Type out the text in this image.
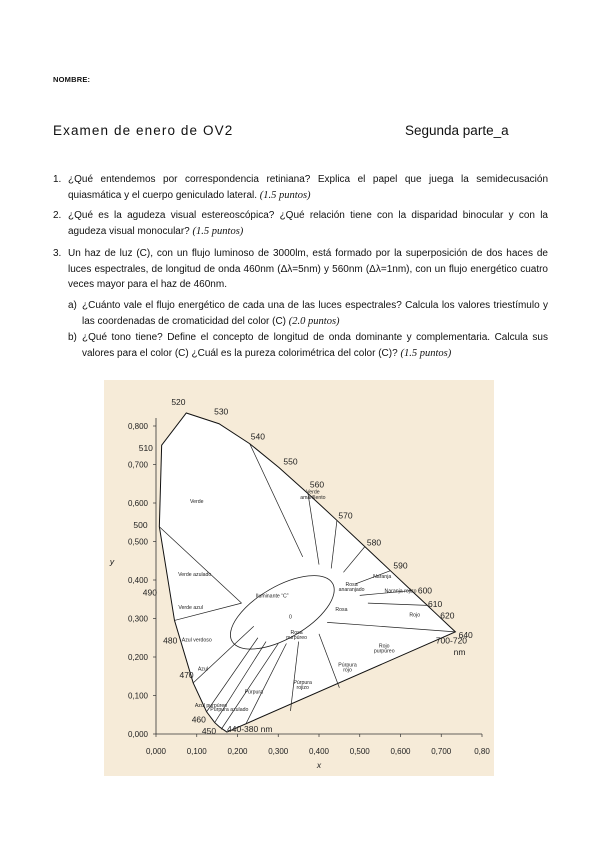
NOMBRE:
Examen de enero de OV2	Segunda parte_a
1. ¿Qué entendemos por correspondencia retiniana? Explica el papel que juega la semidecusación quiasmática y el cuerpo geniculado lateral. (1.5 puntos)
2. ¿Qué es la agudeza visual estereoscópica? ¿Qué relación tiene con la disparidad binocular y con la agudeza visual monocular? (1.5 puntos)
3. Un haz de luz (C), con un flujo luminoso de 3000lm, está formado por la superposición de dos haces de luces espectrales, de longitud de onda 460nm (Δλ=5nm) y 560nm (Δλ=1nm), con un flujo energético cuatro veces mayor para el haz de 460nm.
a) ¿Cuánto vale el flujo energético de cada una de las luces espectrales? Calcula los valores triestímulo y las coordenadas de cromaticidad del color (C) (2.0 puntos)
b) ¿Qué tono tiene? Define el concepto de longitud de onda dominante y complementaria. Calcula sus valores para el color (C) ¿Cuál es la pureza colorimétrica del color (C)? (1.5 puntos)
0,000	0,100	0,200	0,300	0,400	0,500	0,600	0,700	0,80
0,000
0,100
0,200
0,300
0,400
0,500
0,600
0,700
0,800
x
y
520
530
540
550
560
570
580
590
600
610
620
640
510
500
490
480
470
460
450 440-380 nm
700-720
nm
Verde
Verde
amarillento
Verde azulado
Verde azul
Azul verdoso
Azul
Azul purpúreo
Púrpura azulado
Púrpura
Púrpura
rojizo
Púrpura
rojo
Rosa
purpúreo
Rojo
purpúreo
Rosa
Rosa
anaranjado
Rojo
Naranja rojizo
Naranja
Iluminante “C”
0
